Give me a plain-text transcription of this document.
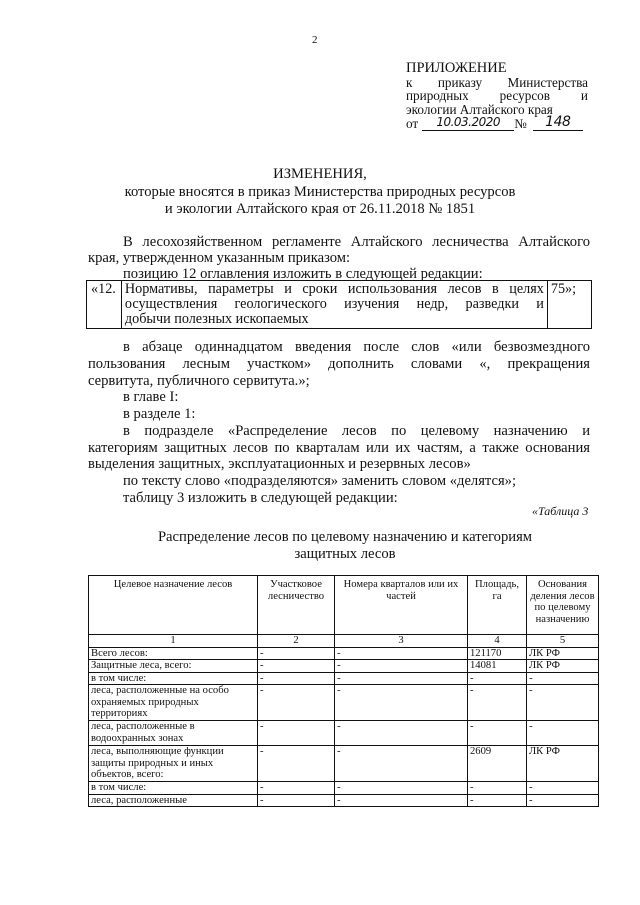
2
ПРИЛОЖЕНИЕ
к приказу Министерства
природных ресурсов и
экологии Алтайского края
от	10.03.2020	№	148
ИЗМЕНЕНИЯ,
которые вносятся в приказ Министерства природных ресурсов
и экологии Алтайского края от 26.11.2018 № 1851
В лесохозяйственном регламенте Алтайского лесничества Алтайского
края, утвержденном указанным приказом:
позицию 12 оглавления изложить в следующей редакции:
«12.	Нормативы, параметры и сроки использования лесов в целях
осуществления геологического изучения недр, разведки и
добычи полезных ископаемых
	75»;
в абзаце одиннадцатом введения после слов «или безвозмездного
пользования лесным участком» дополнить словами «, прекращения
сервитута, публичного сервитута.»;
в главе I:
в разделе 1:
в подразделе «Распределение лесов по целевому назначению и
категориям защитных лесов по кварталам или их частям, а также основания
выделения защитных, эксплуатационных и резервных лесов»
по тексту слово «подразделяются» заменить словом «делятся»;
таблицу 3 изложить в следующей редакции:
«Таблица 3
Распределение лесов по целевому назначению и категориям
защитных лесов
Целевое назначение лесов	Участковое лесничество	Номера кварталов или их частей	Площадь, га	Основания деления лесов по целевому назначению
1	2	3	4	5
Всего лесов:	-	-	121170	ЛК РФ
Защитные леса, всего:	-	-	14081	ЛК РФ
в том числе:	-	-	-	-
леса, расположенные на особо охраняемых природных территориях	-	-	-	-
леса, расположенные в водоохранных зонах	-	-	-	-
леса, выполняющие функции защиты природных и иных объектов, всего:	-	-	2609	ЛК РФ
в том числе:	-	-	-	-
леса, расположенные	-	-	-	-
